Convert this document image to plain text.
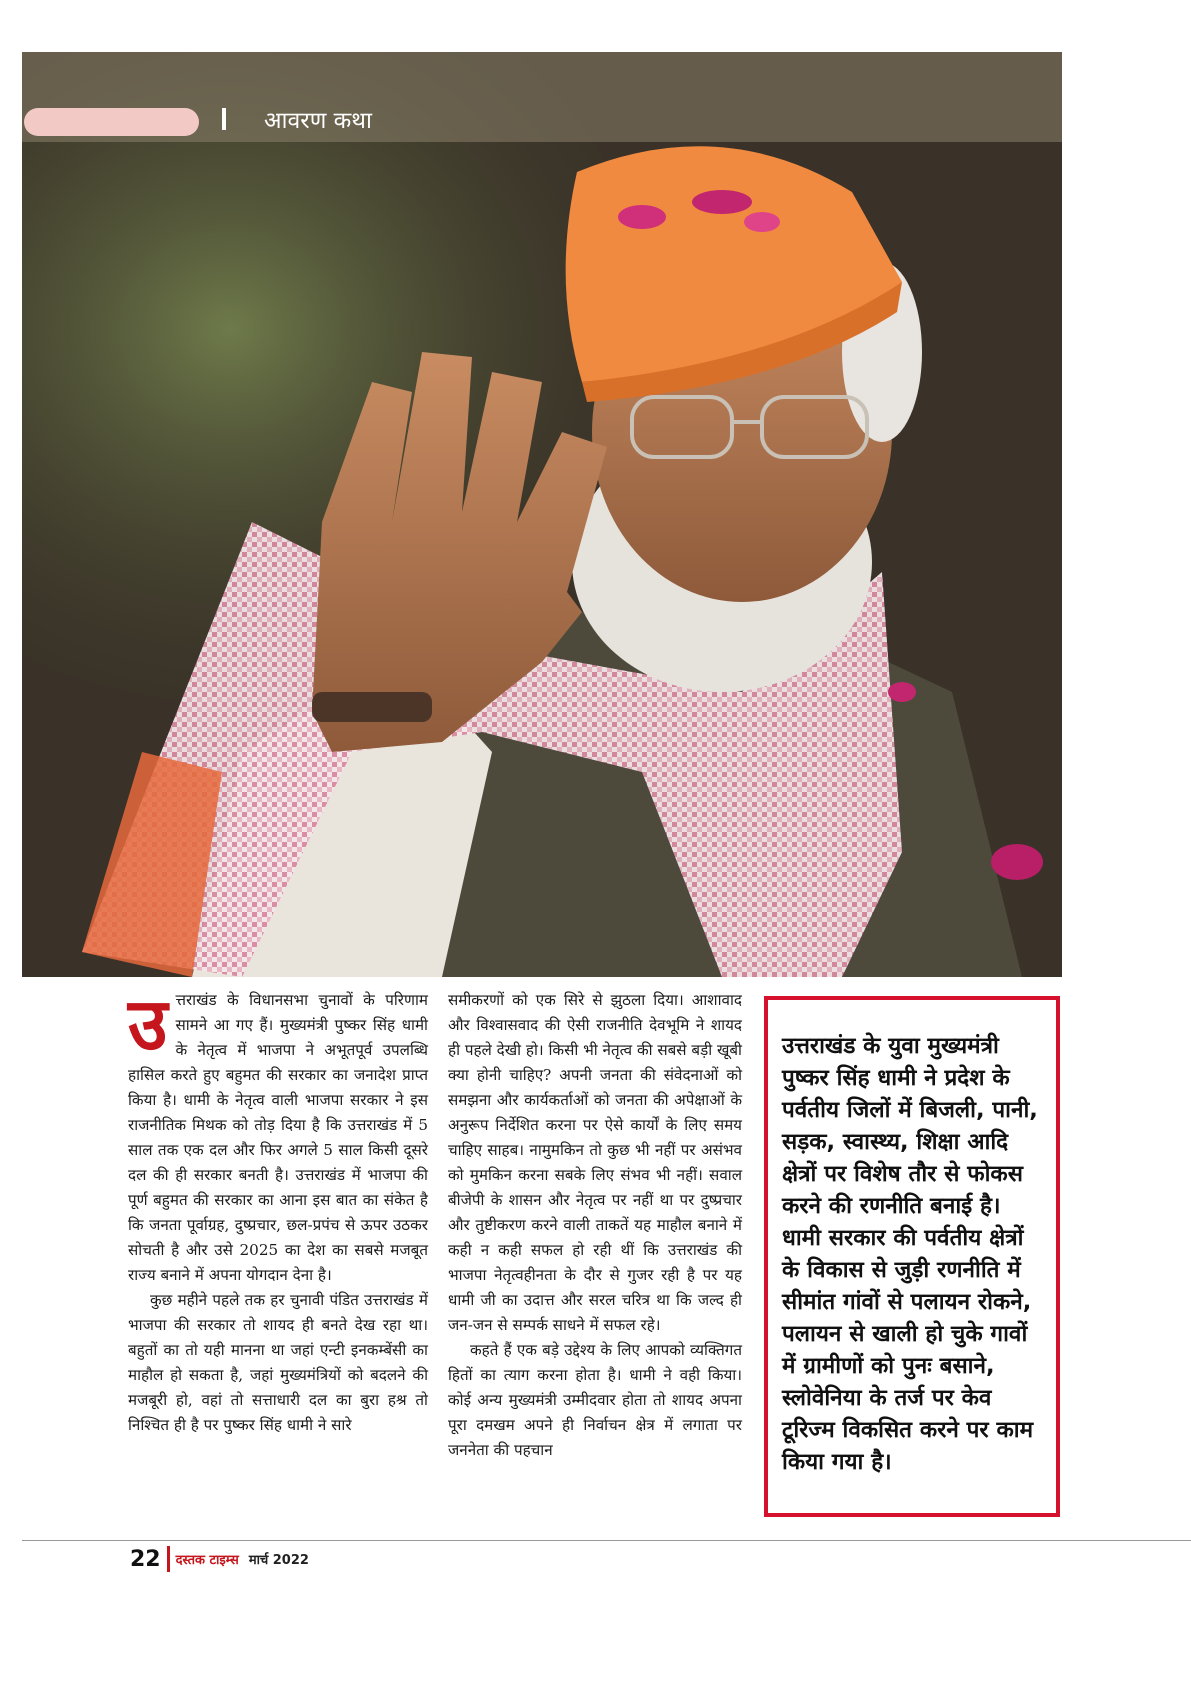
आवरण कथा

उत्तराखंड के विधानसभा चुनावों के परिणाम सामने आ गए हैं। मुख्यमंत्री पुष्कर सिंह धामी के नेतृत्व में भाजपा ने अभूतपूर्व उपलब्धि हासिल करते हुए बहुमत की सरकार का जनादेश प्राप्त किया है। धामी के नेतृत्व वाली भाजपा सरकार ने इस राजनीतिक मिथक को तोड़ दिया है कि उत्तराखंड में 5 साल तक एक दल और फिर अगले 5 साल किसी दूसरे दल की ही सरकार बनती है। उत्तराखंड में भाजपा की पूर्ण बहुमत की सरकार का आना इस बात का संकेत है कि जनता पूर्वाग्रह, दुष्प्रचार, छल-प्रपंच से ऊपर उठकर सोचती है और उसे 2025 का देश का सबसे मजबूत राज्य बनाने में अपना योगदान देना है।

कुछ महीने पहले तक हर चुनावी पंडित उत्तराखंड में भाजपा की सरकार तो शायद ही बनते देख रहा था। बहुतों का तो यही मानना था जहां एन्टी इनकम्बेंसी का माहौल हो सकता है, जहां मुख्यमंत्रियों को बदलने की मजबूरी हो, वहां तो सत्ताधारी दल का बुरा हश्र तो निश्चित ही है पर पुष्कर सिंह धामी ने सारे

समीकरणों को एक सिरे से झुठला दिया। आशावाद और विश्वासवाद की ऐसी राजनीति देवभूमि ने शायद ही पहले देखी हो। किसी भी नेतृत्व की सबसे बड़ी खूबी क्या होनी चाहिए? अपनी जनता की संवेदनाओं को समझना और कार्यकर्ताओं को जनता की अपेक्षाओं के अनुरूप निर्देशित करना पर ऐसे कार्यों के लिए समय चाहिए साहब। नामुमकिन तो कुछ भी नहीं पर असंभव को मुमकिन करना सबके लिए संभव भी नहीं। सवाल बीजेपी के शासन और नेतृत्व पर नहीं था पर दुष्प्रचार और तुष्टीकरण करने वाली ताकतें यह माहौल बनाने में कही न कही सफल हो रही थीं कि उत्तराखंड की भाजपा नेतृत्वहीनता के दौर से गुजर रही है पर यह धामी जी का उदात्त और सरल चरित्र था कि जल्द ही जन-जन से सम्पर्क साधने में सफल रहे।

कहते हैं एक बड़े उद्देश्य के लिए आपको व्यक्तिगत हितों का त्याग करना होता है। धामी ने वही किया। कोई अन्य मुख्यमंत्री उम्मीदवार होता तो शायद अपना पूरा दमखम अपने ही निर्वाचन क्षेत्र में लगाता पर जननेता की पहचान

उत्तराखंड के युवा मुख्यमंत्री पुष्कर सिंह धामी ने प्रदेश के पर्वतीय जिलों में बिजली, पानी, सड़क, स्वास्थ्य, शिक्षा आदि क्षेत्रों पर विशेष तौर से फोकस करने की रणनीति बनाई है। धामी सरकार की पर्वतीय क्षेत्रों के विकास से जुड़ी रणनीति में सीमांत गांवों से पलायन रोकने, पलायन से खाली हो चुके गावों में ग्रामीणों को पुनः बसाने, स्लोवेनिया के तर्ज पर केव टूरिज्म विकसित करने पर काम किया गया है।
22 दस्तक टाइम्स मार्च 2022
